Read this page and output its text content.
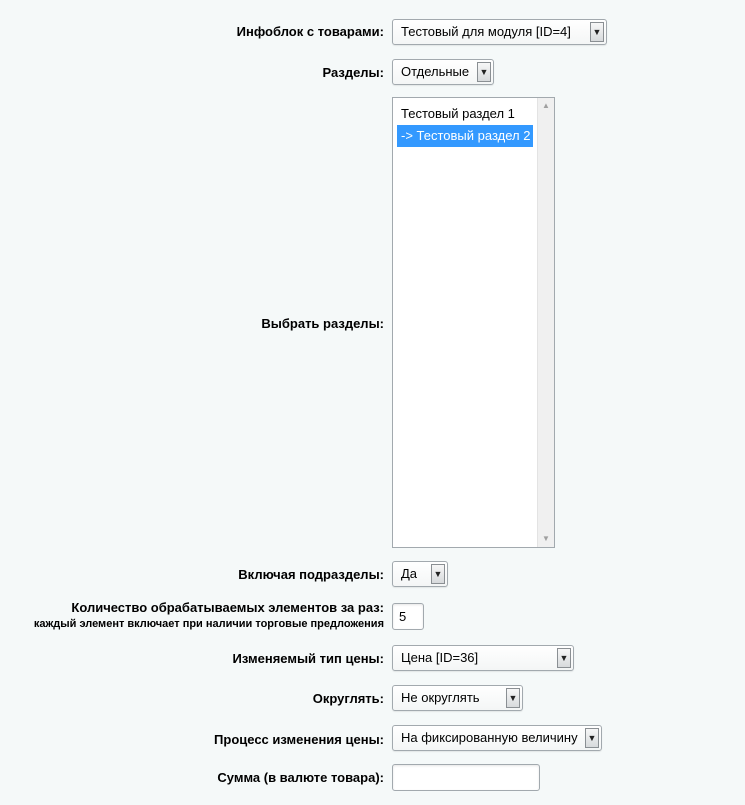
Инфоблок с товарами:	Тестовый для модуля [ID=4] ▼
Разделы:	Отдельные ▼
Выбрать разделы:
Тестовый раздел 1
-> Тестовый раздел 2
▲
▼
Включая подразделы:	Да ▼
Количество обрабатываемых элементов за раз:
каждый элемент включает при наличии торговые предложения	5
Изменяемый тип цены:	Цена [ID=36]	▼
Округлять:	Не округлять	▼
Процесс изменения цены:	На фиксированную величину ▼
Сумма (в валюте товара):
